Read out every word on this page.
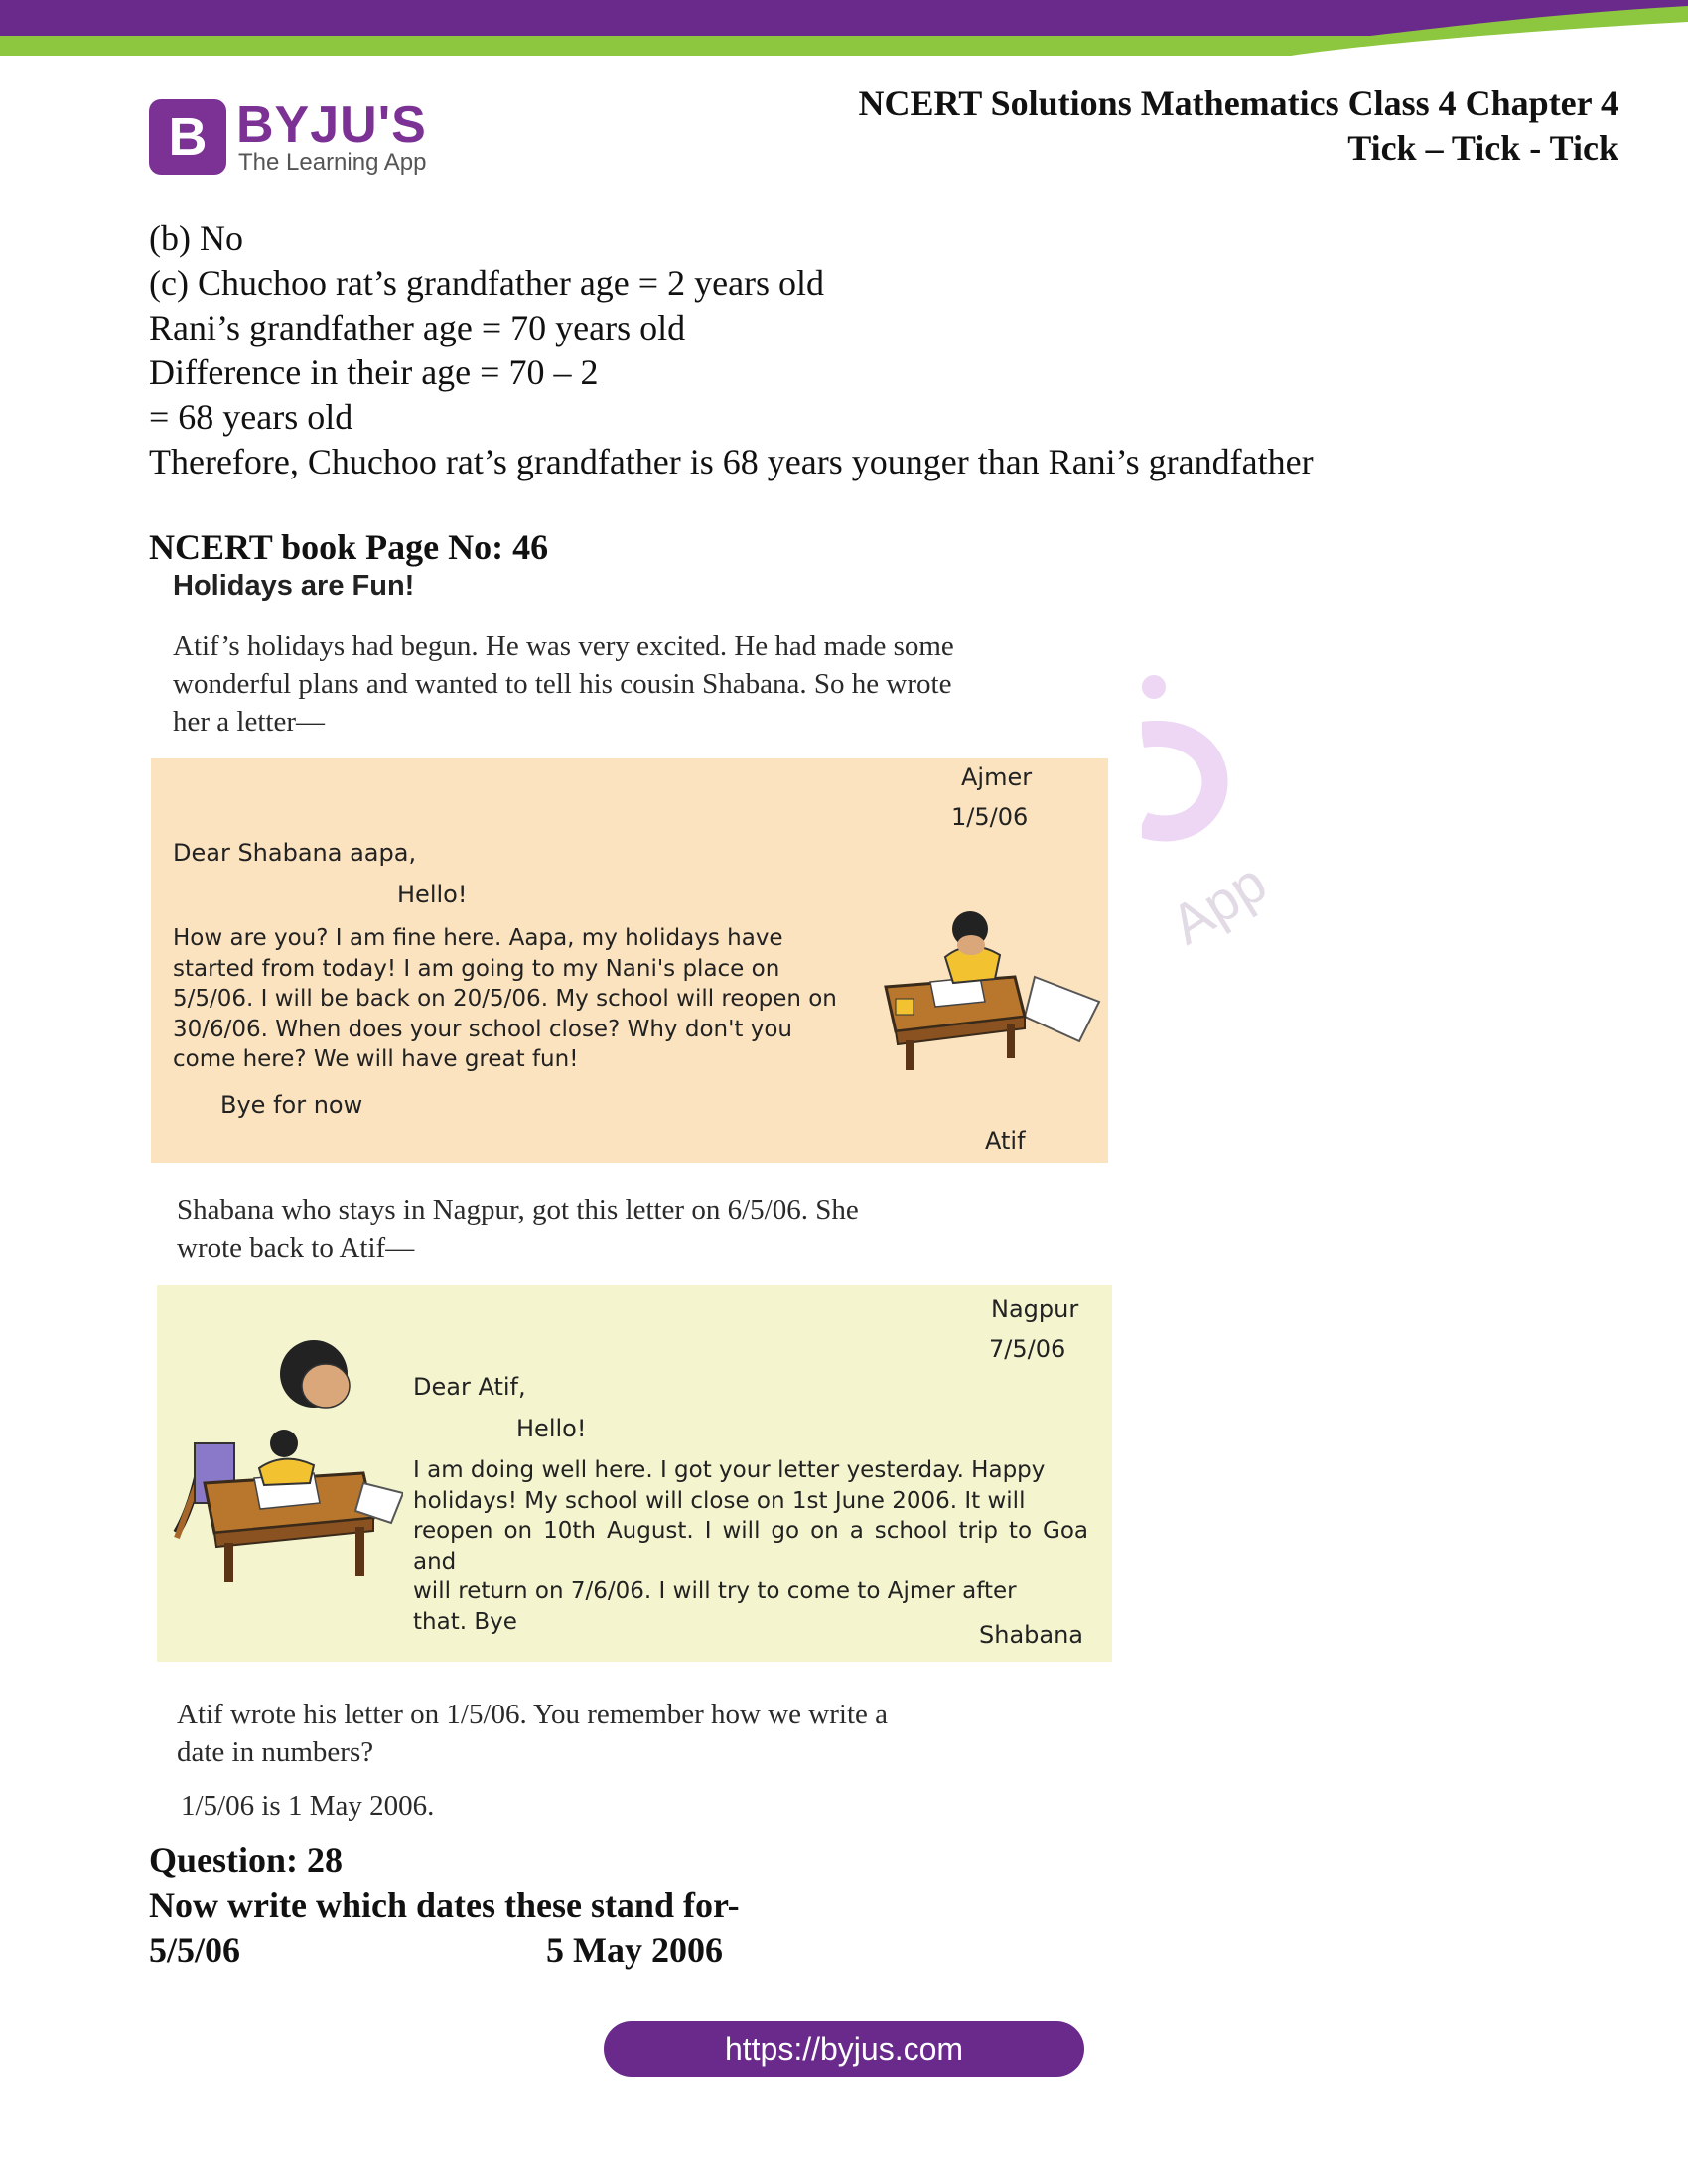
B BYJU'S
The Learning App
NCERT Solutions Mathematics Class 4 Chapter 4
Tick – Tick - Tick
(b) No
(c) Chuchoo rat’s grandfather age = 2 years old
Rani’s grandfather age = 70 years old
Difference in their age = 70 – 2
= 68 years old
Therefore, Chuchoo rat’s grandfather is 68 years younger than Rani’s grandfather
NCERT book Page No: 46
App
Holidays are Fun!
Atif’s holidays had begun. He was very excited. He had made some
wonderful plans and wanted to tell his cousin Shabana. So he wrote
her a letter—
Ajmer
1/5/06
Dear Shabana aapa,
Hello!
How are you? I am fine here. Aapa, my holidays have
started from today! I am going to my Nani's place on
5/5/06. I will be back on 20/5/06. My school will reopen on
30/6/06. When does your school close? Why don't you
come here? We will have great fun!
Bye for now
Atif
Shabana who stays in Nagpur, got this letter on 6/5/06. She
wrote back to Atif—
Nagpur
7/5/06
Dear Atif,
Hello!
I am doing well here. I got your letter yesterday. Happy
holidays! My school will close on 1st June 2006. It will
reopen on 10th August. I will go on a school trip to Goa and
will return on 7/6/06. I will try to come to Ajmer after
that. Bye	Shabana
Atif wrote his letter on 1/5/06. You remember how we write a
date in numbers?
1/5/06 is 1 May 2006.
Question: 28
Now write which dates these stand for-
5/5/06	5 May 2006
https://byjus.com
